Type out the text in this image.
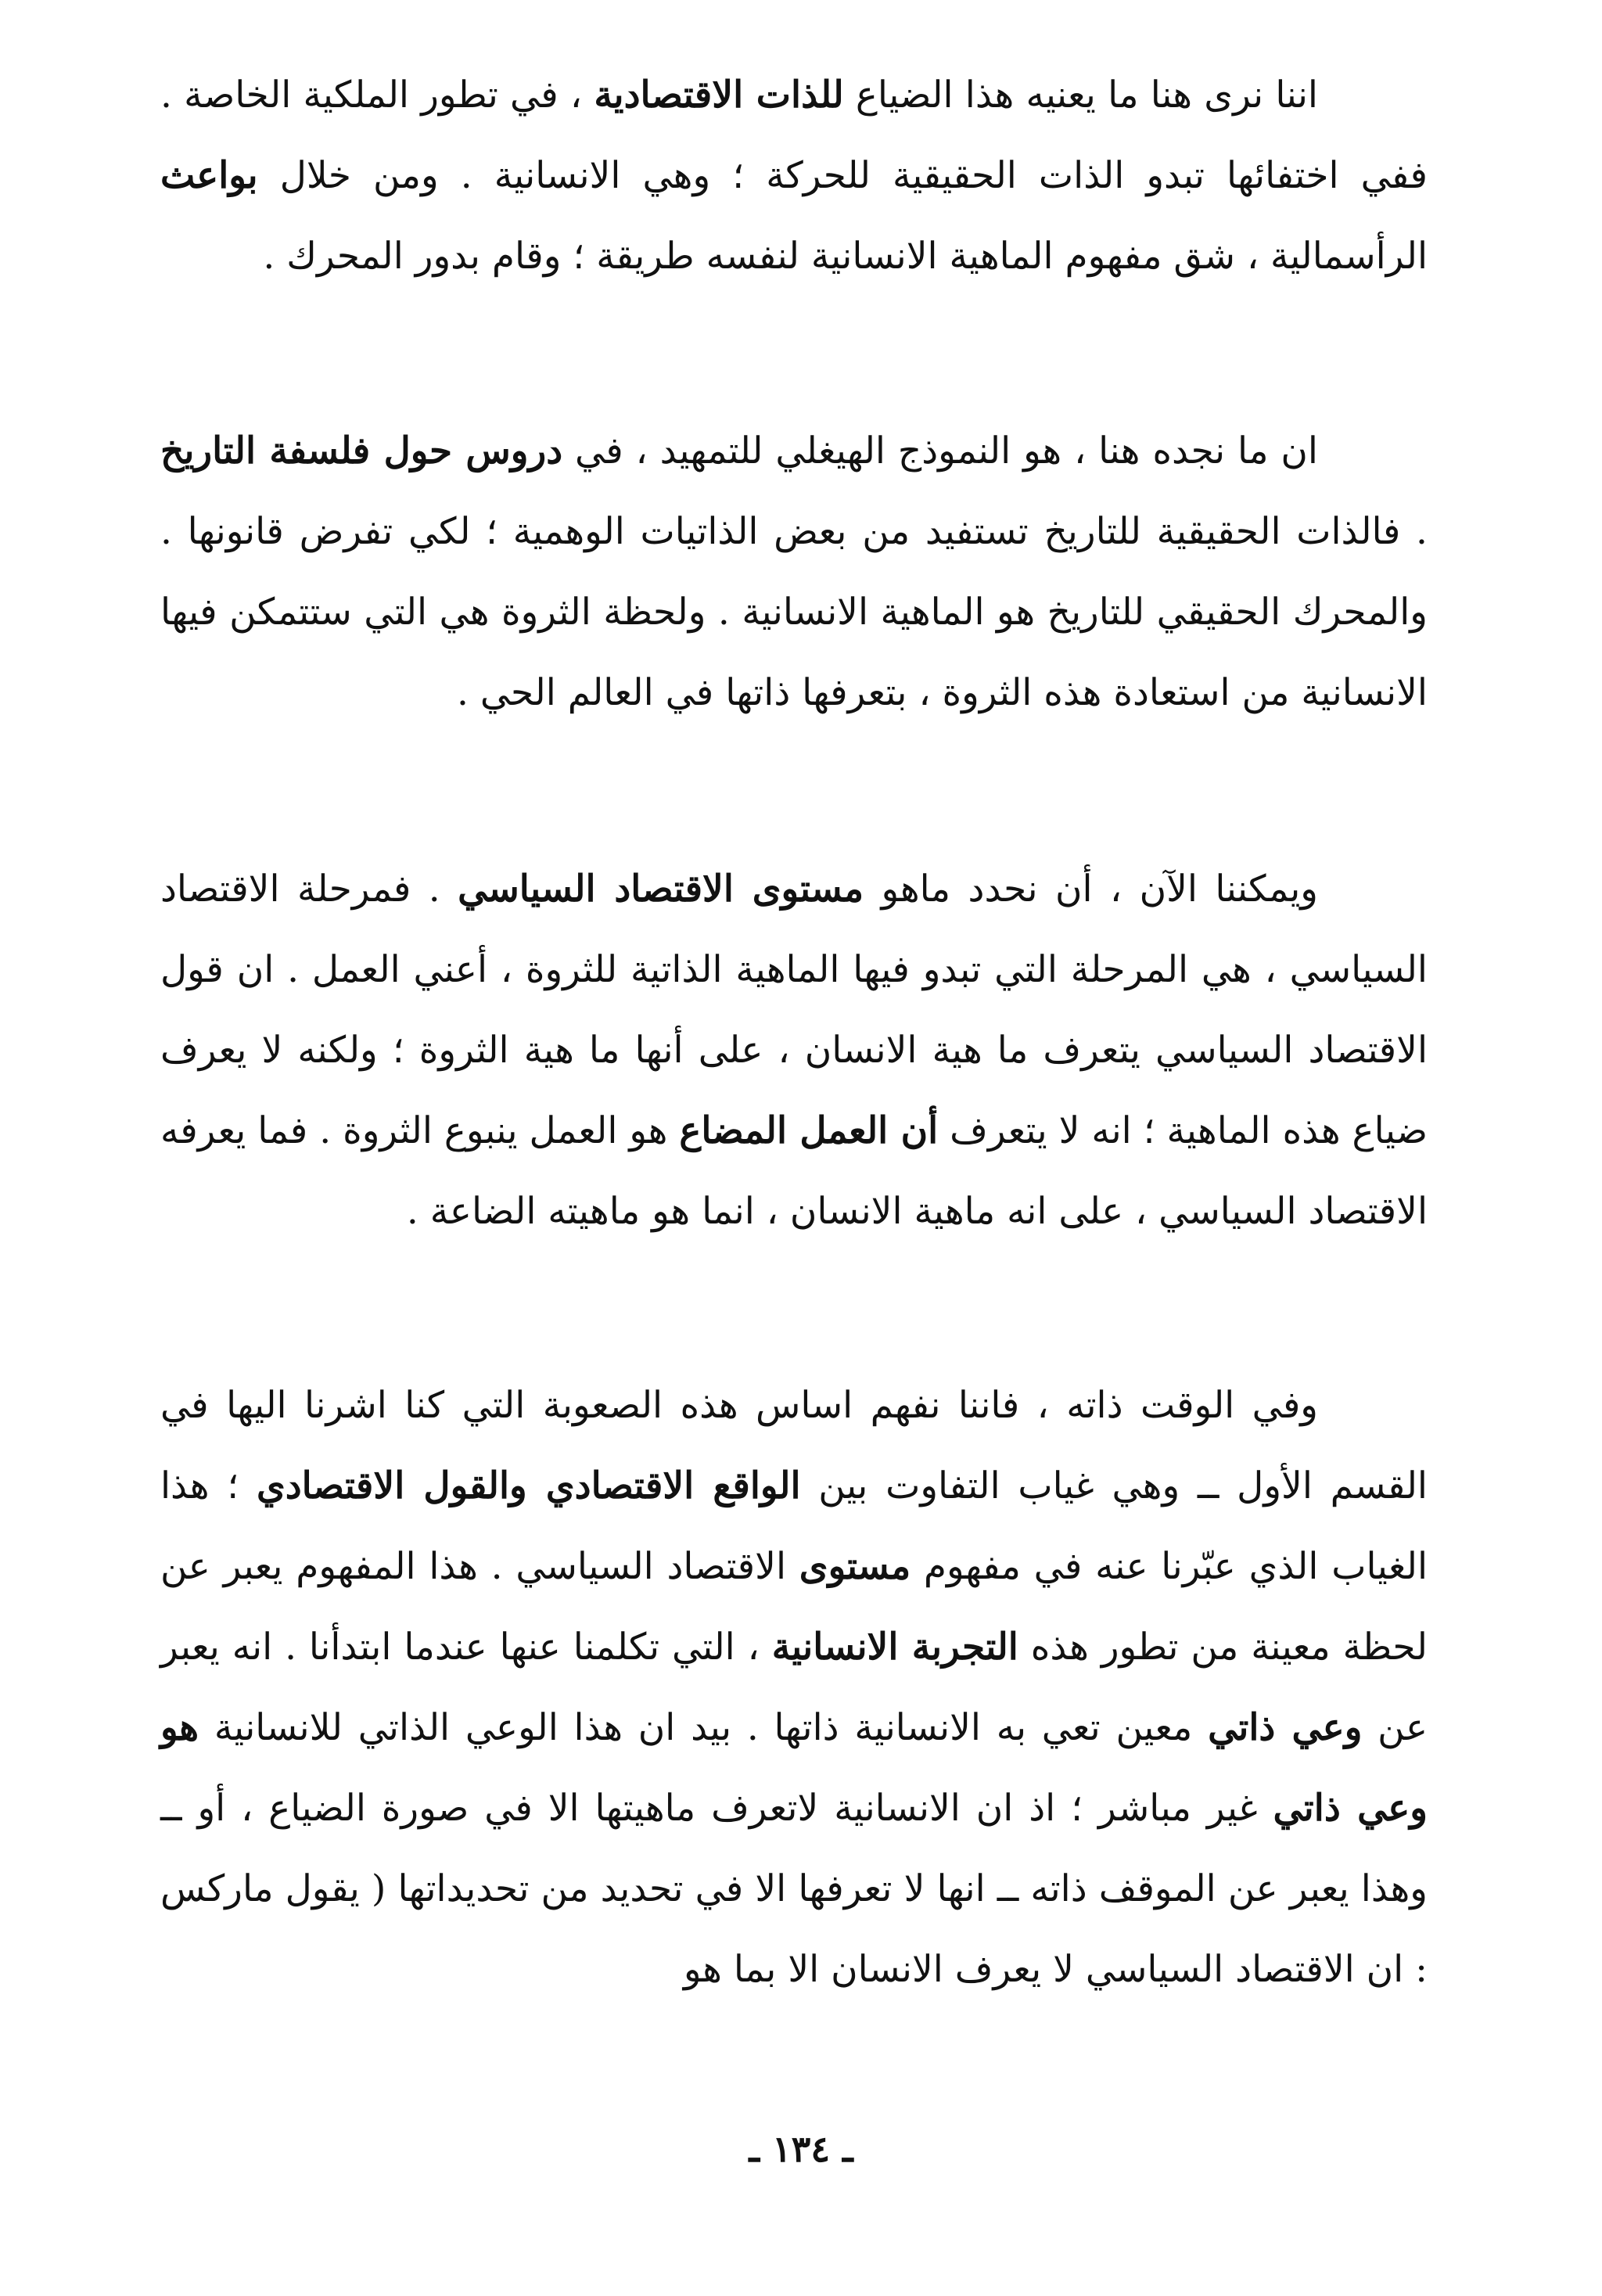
اننا نرى هنا ما يعنيه هذا الضياع للذات الاقتصادية ، في تطور الملكية الخاصة . ففي اختفائها تبدو الذات الحقيقية للحركة ؛ وهي الانسانية . ومن خلال بواعث الرأسمالية ، شق مفهوم الماهية الانسانية لنفسه طريقة ؛ وقام بدور المحرك .
ان ما نجده هنا ، هو النموذج الهيغلي للتمهيد ، في دروس حول فلسفة التاريخ . فالذات الحقيقية للتاريخ تستفيد من بعض الذاتيات الوهمية ؛ لكي تفرض قانونها . والمحرك الحقيقي للتاريخ هو الماهية الانسانية . ولحظة الثروة هي التي ستتمكن فيها الانسانية من استعادة هذه الثروة ، بتعرفها ذاتها في العالم الحي .
ويمكننا الآن ، أن نحدد ماهو مستوى الاقتصاد السياسي . فمرحلة الاقتصاد السياسي ، هي المرحلة التي تبدو فيها الماهية الذاتية للثروة ، أعني العمل . ان قول الاقتصاد السياسي يتعرف ما هية الانسان ، على أنها ما هية الثروة ؛ ولكنه لا يعرف ضياع هذه الماهية ؛ انه لا يتعرف أن العمل المضاع هو العمل ينبوع الثروة . فما يعرفه الاقتصاد السياسي ، على انه ماهية الانسان ، انما هو ماهيته الضاعة .
وفي الوقت ذاته ، فاننا نفهم اساس هذه الصعوبة التي كنا اشرنا اليها في القسم الأول ــ وهي غياب التفاوت بين الواقع الاقتصادي والقول الاقتصادي ؛ هذا الغياب الذي عبّرنا عنه في مفهوم مستوى الاقتصاد السياسي . هذا المفهوم يعبر عن لحظة معينة من تطور هذه التجربة الانسانية ، التي تكلمنا عنها عندما ابتدأنا . انه يعبر عن وعي ذاتي معين تعي به الانسانية ذاتها . بيد ان هذا الوعي الذاتي للانسانية هو وعي ذاتي غير مباشر ؛ اذ ان الانسانية لاتعرف ماهيتها الا في صورة الضياع ، أو ــ وهذا يعبر عن الموقف ذاته ــ انها لا تعرفها الا في تحديد من تحديداتها ( يقول ماركس : ان الاقتصاد السياسي لا يعرف الانسان الا بما هو
ـ ١٣٤ ـ
